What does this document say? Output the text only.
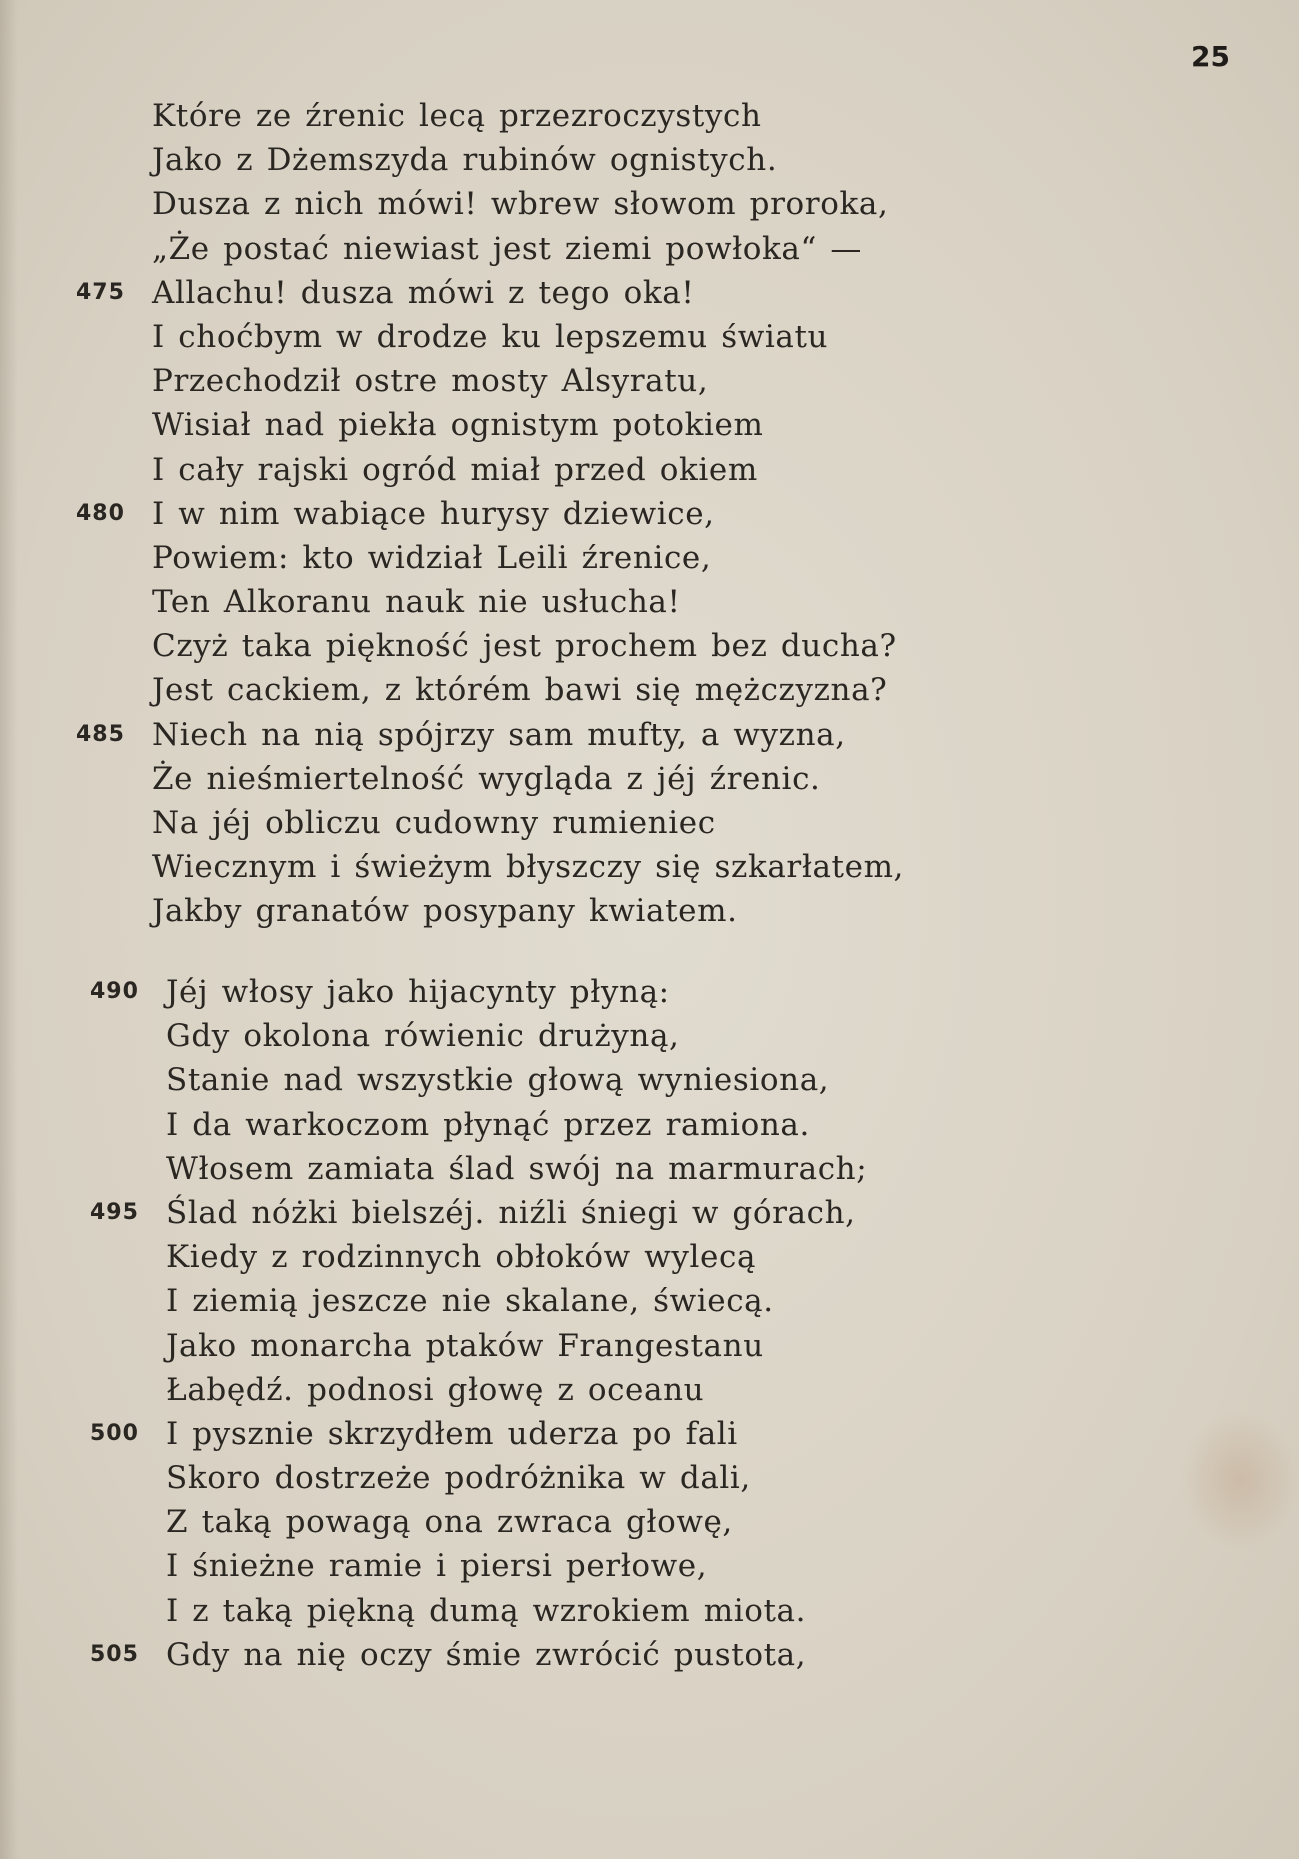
25
Które ze źrenic lecą przezroczystych
Jako z Dżemszyda rubinów ognistych.
Dusza z nich mówi! wbrew słowom proroka,
„Że postać niewiast jest ziemi powłoka“ —
475 Allachu! dusza mówi z tego oka!
I choćbym w drodze ku lepszemu światu
Przechodził ostre mosty Alsyratu,
Wisiał nad piekła ognistym potokiem
I cały rajski ogród miał przed okiem
480 I w nim wabiące hurysy dziewice,
Powiem: kto widział Leili źrenice,
Ten Alkoranu nauk nie usłucha!
Czyż taka piękność jest prochem bez ducha?
Jest cackiem, z którém bawi się mężczyzna?
485 Niech na nią spójrzy sam mufty, a wyzna,
Że nieśmiertelność wygląda z jéj źrenic.
Na jéj obliczu cudowny rumieniec
Wiecznym i świeżym błyszczy się szkarłatem,
Jakby granatów posypany kwiatem.
490 Jéj włosy jako hijacynty płyną:
Gdy okolona rówienic drużyną,
Stanie nad wszystkie głową wyniesiona,
I da warkoczom płynąć przez ramiona.
Włosem zamiata ślad swój na marmurach;
495 Ślad nóżki bielszéj. niźli śniegi w górach,
Kiedy z rodzinnych obłoków wylecą
I ziemią jeszcze nie skalane, świecą.
Jako monarcha ptaków Frangestanu
Łabędź. podnosi głowę z oceanu
500 I pysznie skrzydłem uderza po fali
Skoro dostrzeże podróżnika w dali,
Z taką powagą ona zwraca głowę,
I śnieżne ramie i piersi perłowe,
I z taką piękną dumą wzrokiem miota.
505 Gdy na nię oczy śmie zwrócić pustota,
